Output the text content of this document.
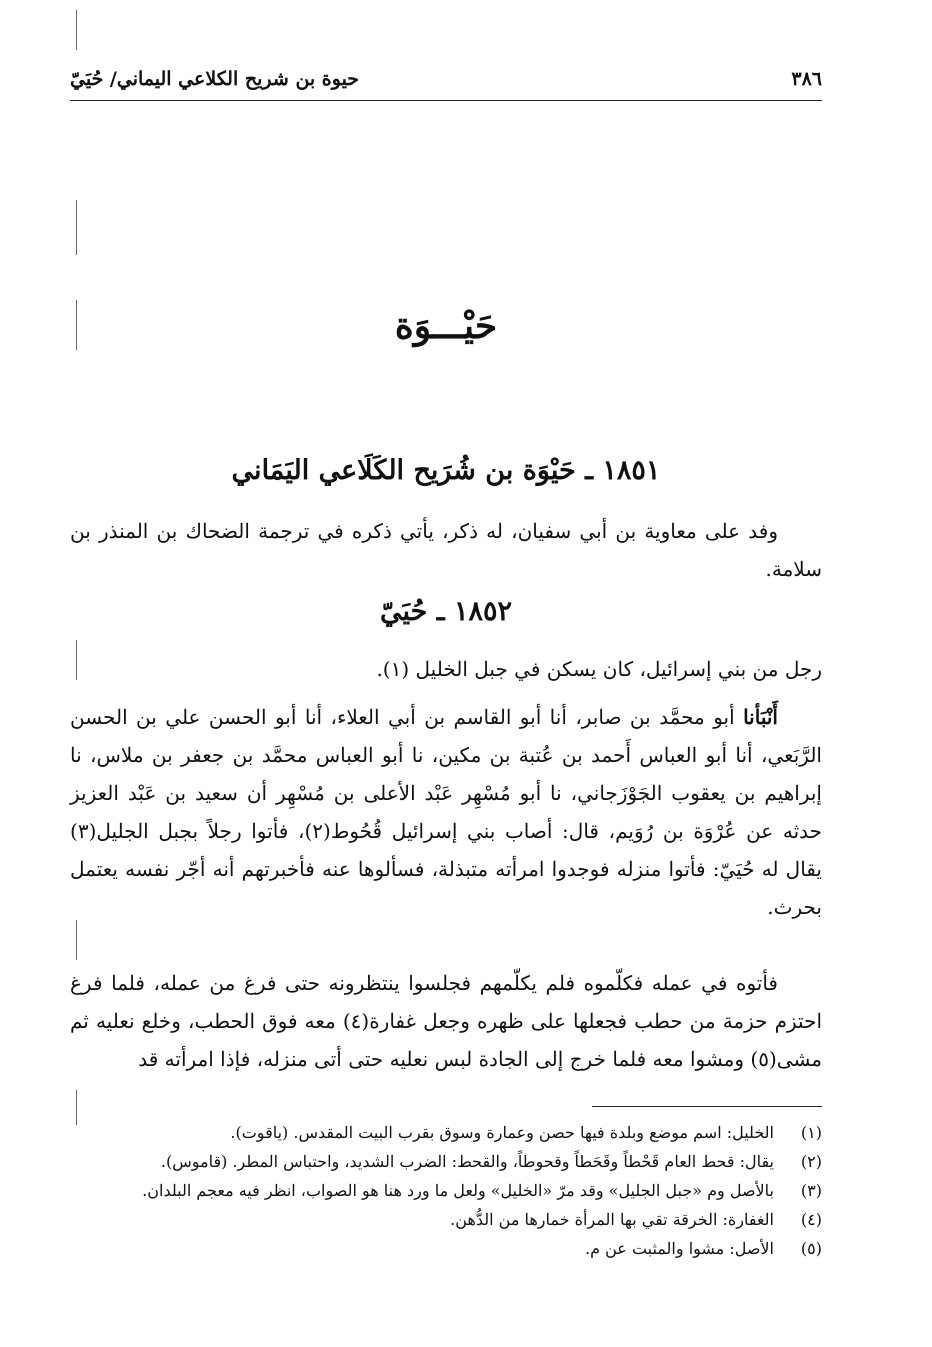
٣٨٦
حيوة بن شريح الكلاعي اليماني/ حُيَيّ
حَيْـــوَة
١٨٥١ ـ حَيْوَة بن شُرَيح الكَلَاعي اليَمَاني
وفد على معاوية بن أبي سفيان، له ذكر، يأتي ذكره في ترجمة الضحاك بن المنذر بن سلامة.
١٨٥٢ ـ حُيَيّ
رجل من بني إسرائيل، كان يسكن في جبل الخليل (١).
أَنْبَأنا أبو محمَّد بن صابر، أنا أبو القاسم بن أبي العلاء، أنا أبو الحسن علي بن الحسن الرَّبَعي، أنا أبو العباس أَحمد بن عُتبة بن مكين، نا أبو العباس محمَّد بن جعفر بن ملاس، نا إبراهيم بن يعقوب الجَوْزَجاني، نا أبو مُسْهِر عَبْد الأعلى بن مُسْهِر أن سعيد بن عَبْد العزيز حدثه عن عُرْوَة بن رُوَيم، قال: أصاب بني إسرائيل قُحُوط(٢)، فأتوا رجلاً بجبل الجليل(٣) يقال له حُيَيّ: فأتوا منزله فوجدوا امرأته متبذلة، فسألوها عنه فأخبرتهم أنه أجّر نفسه يعتمل بحرث.
فأتوه في عمله فكلّموه فلم يكلّمهم فجلسوا ينتظرونه حتى فرغ من عمله، فلما فرغ احتزم حزمة من حطب فجعلها على ظهره وجعل غفارة(٤) معه فوق الحطب، وخلع نعليه ثم مشى(٥) ومشوا معه فلما خرج إلى الجادة لبس نعليه حتى أتى منزله، فإذا امرأته قد
(١)
الخليل: اسم موضع وبلدة فيها حصن وعمارة وسوق بقرب البيت المقدس. (ياقوت).
(٢)
يقال: قحط العام قَحْطاً وقَحَطاً وقحوطاً، والقحط: الضرب الشديد، واحتباس المطر. (قاموس).
(٣)
بالأصل وم «جبل الجليل» وقد مرّ «الخليل» ولعل ما ورد هنا هو الصواب، انظر فيه معجم البلدان.
(٤)
الغفارة: الخرقة تقي بها المرأة خمارها من الدُّهن.
(٥)
الأصل: مشوا والمثبت عن م.
